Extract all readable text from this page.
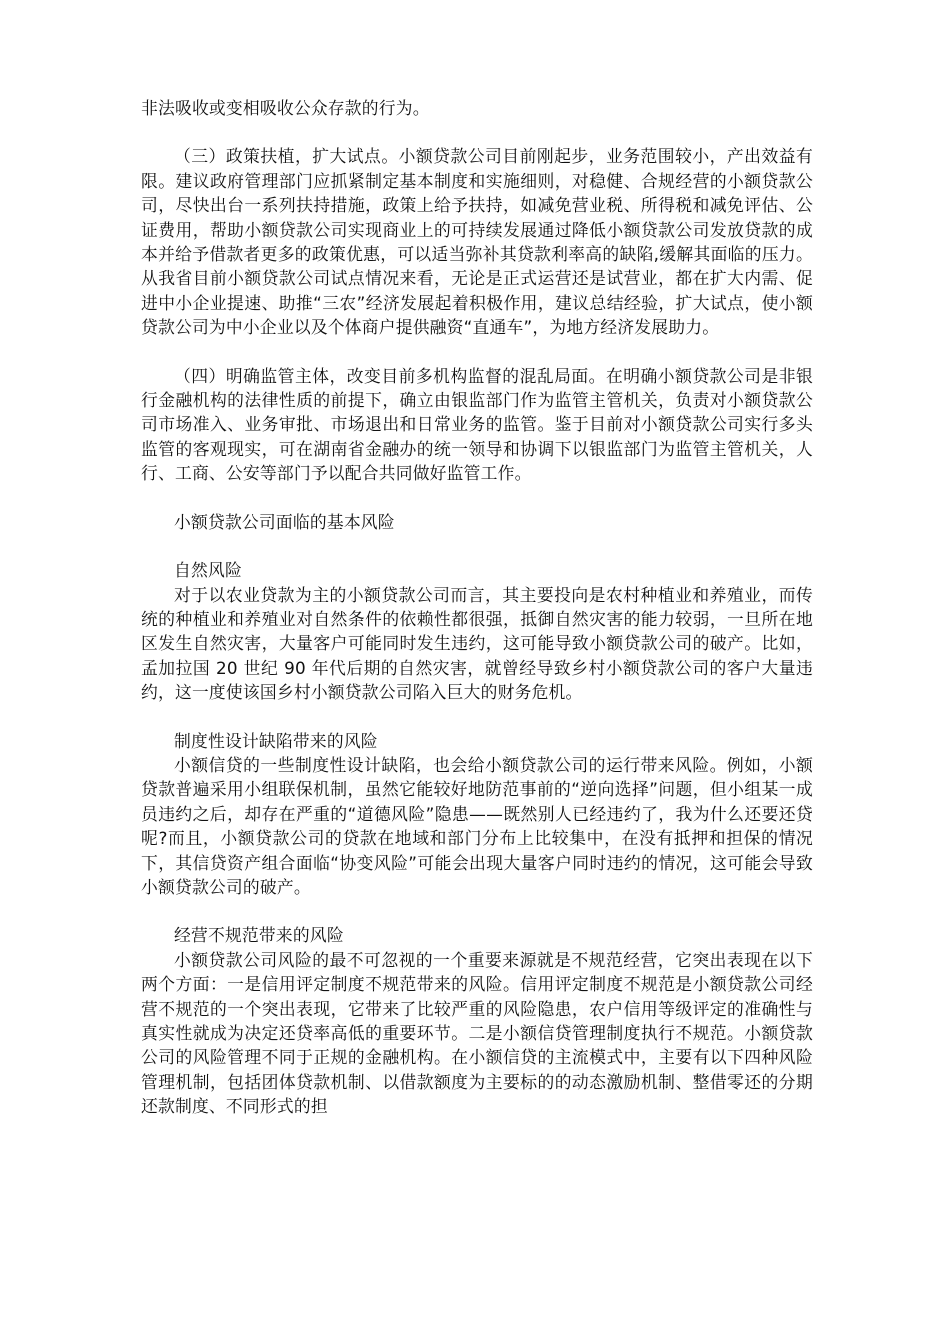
非法吸收或变相吸收公众存款的行为。

（三）政策扶植，扩大试点。小额贷款公司目前刚起步，业务范围较小，产出效益有限。建议政府管理部门应抓紧制定基本制度和实施细则，对稳健、合规经营的小额贷款公司，尽快出台一系列扶持措施，政策上给予扶持，如减免营业税、所得税和减免评估、公证费用，帮助小额贷款公司实现商业上的可持续发展通过降低小额贷款公司发放贷款的成本并给予借款者更多的政策优惠，可以适当弥补其贷款利率高的缺陷,缓解其面临的压力。从我省目前小额贷款公司试点情况来看，无论是正式运营还是试营业，都在扩大内需、促进中小企业提速、助推“三农”经济发展起着积极作用，建议总结经验，扩大试点，使小额贷款公司为中小企业以及个体商户提供融资“直通车”，为地方经济发展助力。

（四）明确监管主体，改变目前多机构监督的混乱局面。在明确小额贷款公司是非银行金融机构的法律性质的前提下，确立由银监部门作为监管主管机关，负责对小额贷款公司市场准入、业务审批、市场退出和日常业务的监管。鉴于目前对小额贷款公司实行多头监管的客观现实，可在湖南省金融办的统一领导和协调下以银监部门为监管主管机关，人行、工商、公安等部门予以配合共同做好监管工作。

小额贷款公司面临的基本风险

自然风险

对于以农业贷款为主的小额贷款公司而言，其主要投向是农村种植业和养殖业，而传统的种植业和养殖业对自然条件的依赖性都很强，抵御自然灾害的能力较弱，一旦所在地区发生自然灾害，大量客户可能同时发生违约，这可能导致小额贷款公司的破产。比如，孟加拉国 20 世纪 90 年代后期的自然灾害，就曾经导致乡村小额贷款公司的客户大量违约，这一度使该国乡村小额贷款公司陷入巨大的财务危机。

制度性设计缺陷带来的风险

小额信贷的一些制度性设计缺陷，也会给小额贷款公司的运行带来风险。例如，小额贷款普遍采用小组联保机制，虽然它能较好地防范事前的“逆向选择”问题，但小组某一成员违约之后，却存在严重的“道德风险”隐患——既然别人已经违约了，我为什么还要还贷呢?而且，小额贷款公司的贷款在地域和部门分布上比较集中，在没有抵押和担保的情况下，其信贷资产组合面临“协变风险”可能会出现大量客户同时违约的情况，这可能会导致小额贷款公司的破产。

经营不规范带来的风险

小额贷款公司风险的最不可忽视的一个重要来源就是不规范经营，它突出表现在以下两个方面：一是信用评定制度不规范带来的风险。信用评定制度不规范是小额贷款公司经营不规范的一个突出表现，它带来了比较严重的风险隐患，农户信用等级评定的准确性与真实性就成为决定还贷率高低的重要环节。二是小额信贷管理制度执行不规范。小额贷款公司的风险管理不同于正规的金融机构。在小额信贷的主流模式中，主要有以下四种风险管理机制，包括团体贷款机制、以借款额度为主要标的的动态激励机制、整借零还的分期还款制度、不同形式的担
